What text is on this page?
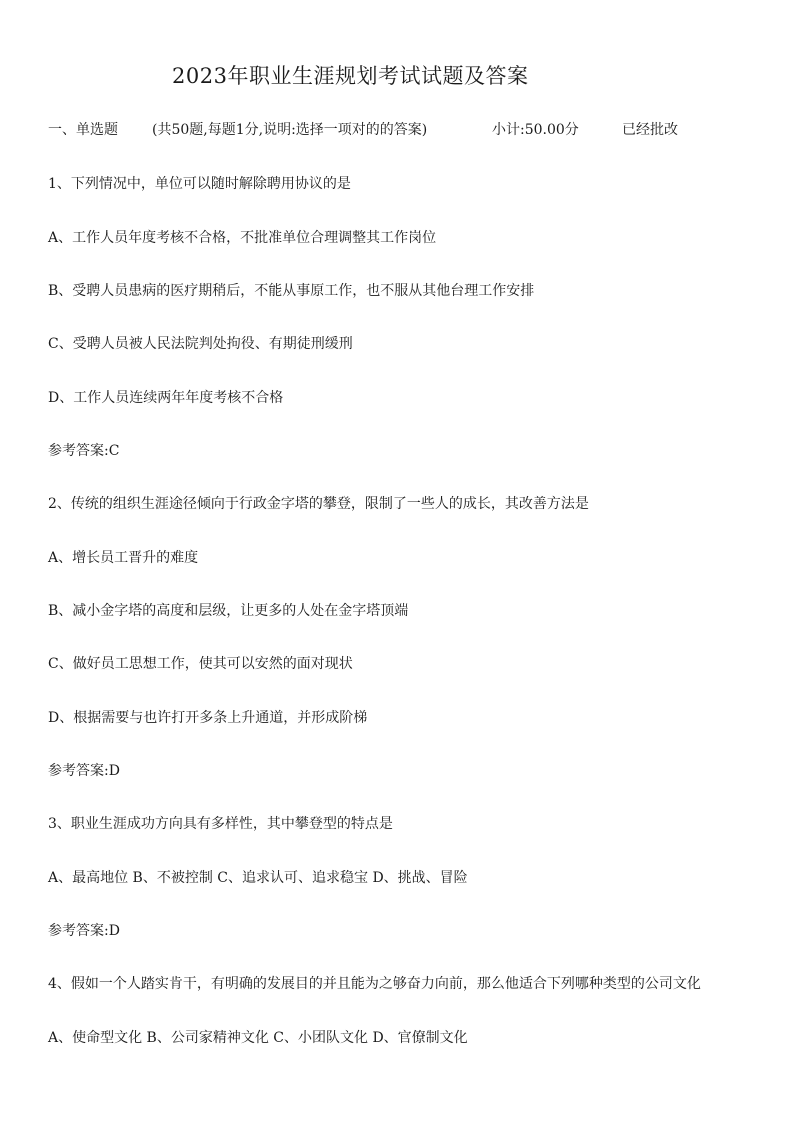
2023年职业生涯规划考试试题及答案
一、单选题 (共50题,每题1分,说明:选择一项对的的答案)	小计:50.00分	已经批改
1、下列情况中，单位可以随时解除聘用协议的是
A、工作人员年度考核不合格，不批准单位合理调整其工作岗位
B、受聘人员患病的医疗期稍后，不能从事原工作，也不服从其他台理工作安排
C、受聘人员被人民法院判处拘役、有期徒刑缓刑
D、工作人员连续两年年度考核不合格
参考答案:C
2、传统的组织生涯途径倾向于行政金字塔的攀登，限制了一些人的成长，其改善方法是
A、增长员工晋升的难度
B、减小金字塔的高度和层级，让更多的人处在金字塔顶端
C、做好员工思想工作，使其可以安然的面对现状
D、根据需要与也许打开多条上升通道，并形成阶梯
参考答案:D
3、职业生涯成功方向具有多样性，其中攀登型的特点是
A、最高地位 B、不被控制 C、追求认可、追求稳宝 D、挑战、冒险
参考答案:D
4、假如一个人踏实肯干，有明确的发展目的并且能为之够奋力向前，那么他适合下列哪种类型的公司文化
A、使命型文化 B、公司家精神文化 C、小团队文化 D、官僚制文化
